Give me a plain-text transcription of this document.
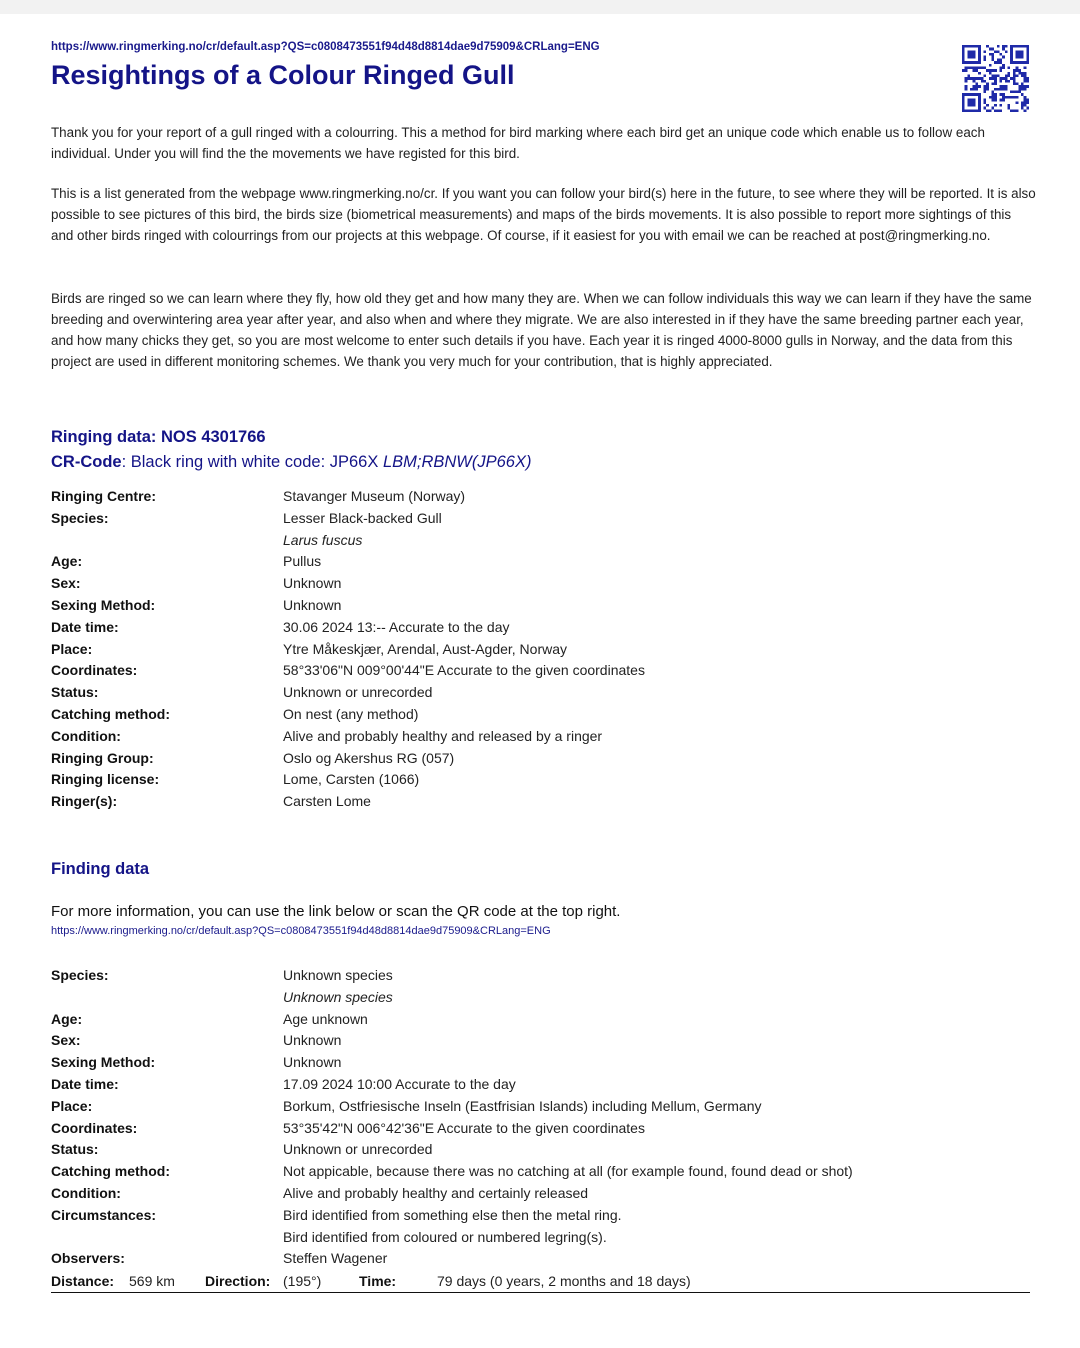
https://www.ringmerking.no/cr/default.asp?QS=c0808473551f94d48d8814dae9d75909&CRLang=ENG
Resightings of a Colour Ringed Gull

Thank you for your report of a gull ringed with a colourring. This a method for bird marking where each bird get an unique code which enable us to follow each individual. Under you will find the the movements we have registed for this bird.

This is a list generated from the webpage www.ringmerking.no/cr. If you want you can follow your bird(s) here in the future, to see where they will be reported. It is also possible to see pictures of this bird, the birds size (biometrical measurements) and maps of the birds movements. It is also possible to report more sightings of this and other birds ringed with colourrings from our projects at this webpage. Of course, if it easiest for you with email we can be reached at post@ringmerking.no.

Birds are ringed so we can learn where they fly, how old they get and how many they are. When we can follow individuals this way we can learn if they have the same breeding and overwintering area year after year, and also when and where they migrate. We are also interested in if they have the same breeding partner each year, and how many chicks they get, so you are most welcome to enter such details if you have. Each year it is ringed 4000-8000 gulls in Norway, and the data from this project are used in different monitoring schemes. We thank you very much for your contribution, that is highly appreciated.

Ringing data: NOS 4301766
CR-Code: Black ring with white code: JP66X LBM;RBNW(JP66X)
Ringing Centre:	Stavanger Museum (Norway)
Species:	Lesser Black-backed Gull
Larus fuscus
Age:	Pullus
Sex:	Unknown
Sexing Method:	Unknown
Date time:	30.06 2024 13:-- Accurate to the day
Place:	Ytre Måkeskjær, Arendal, Aust-Agder, Norway
Coordinates:	58°33'06"N 009°00'44"E Accurate to the given coordinates
Status:	Unknown or unrecorded
Catching method:	On nest (any method)
Condition:	Alive and probably healthy and released by a ringer
Ringing Group:	Oslo og Akershus RG (057)
Ringing license:	Lome, Carsten (1066)
Ringer(s):	Carsten Lome
Finding data
For more information, you can use the link below or scan the QR code at the top right.
https://www.ringmerking.no/cr/default.asp?QS=c0808473551f94d48d8814dae9d75909&CRLang=ENG
Species:	Unknown species
Unknown species
Age:	Age unknown
Sex:	Unknown
Sexing Method:	Unknown
Date time:	17.09 2024 10:00 Accurate to the day
Place:	Borkum, Ostfriesische Inseln (Eastfrisian Islands) including Mellum, Germany
Coordinates:	53°35'42"N 006°42'36"E Accurate to the given coordinates
Status:	Unknown or unrecorded
Catching method:	Not appicable, because there was no catching at all (for example found, found dead or shot)
Condition:	Alive and probably healthy and certainly released
Circumstances:	Bird identified from something else then the metal ring.
Bird identified from coloured or numbered legring(s).
Observers:	Steffen Wagener
Distance: 569 km Direction: (195°)	Time:	79 days (0 years, 2 months and 18 days)
